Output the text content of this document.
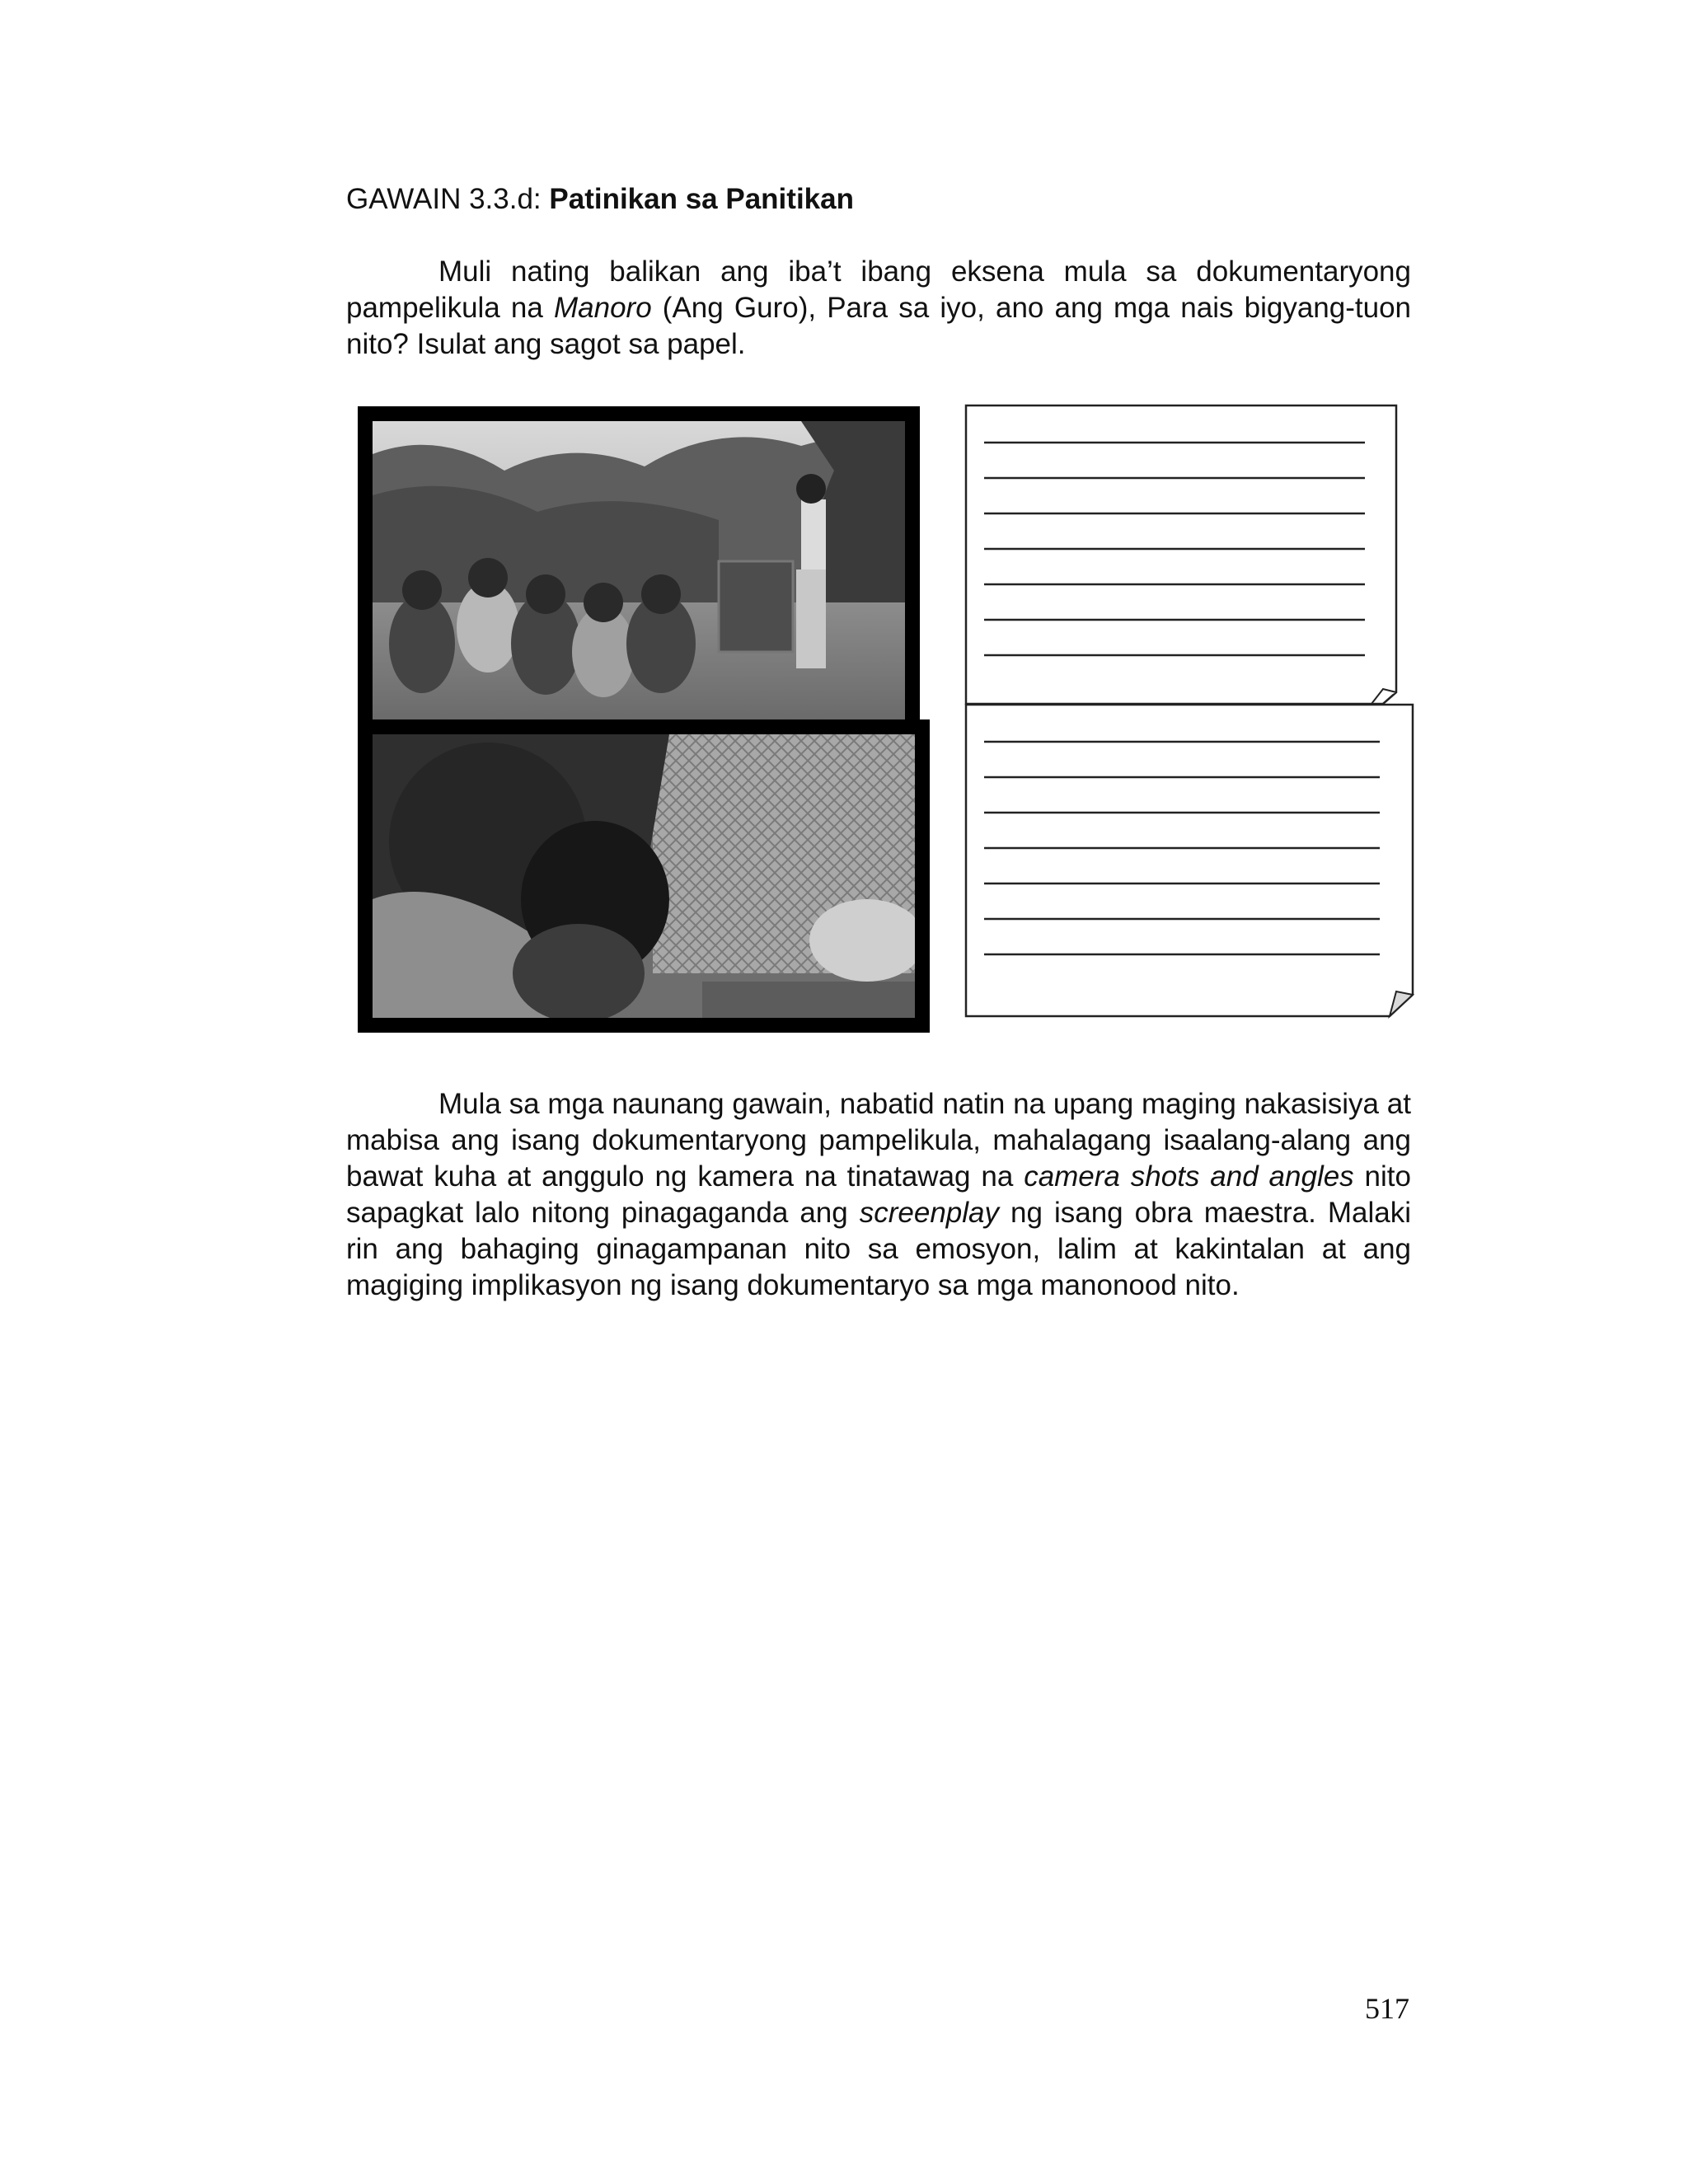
GAWAIN 3.3.d: Patinikan sa Panitikan

Muli nating balikan ang iba’t ibang eksena mula sa dokumentaryong pampelikula na Manoro (Ang Guro), Para sa iyo, ano ang mga nais bigyang-tuon nito? Isulat ang sagot sa papel.

Mula sa mga naunang gawain, nabatid natin na upang maging nakasisiya at mabisa ang isang dokumentaryong pampelikula, mahalagang isaalang-alang ang bawat kuha at anggulo ng kamera na tinatawag na camera shots and angles nito sapagkat lalo nitong pinagaganda ang screenplay ng isang obra maestra. Malaki rin ang bahaging ginagampanan nito sa emosyon, lalim at kakintalan at ang magiging implikasyon ng isang dokumentaryo sa mga manonood nito.

517
